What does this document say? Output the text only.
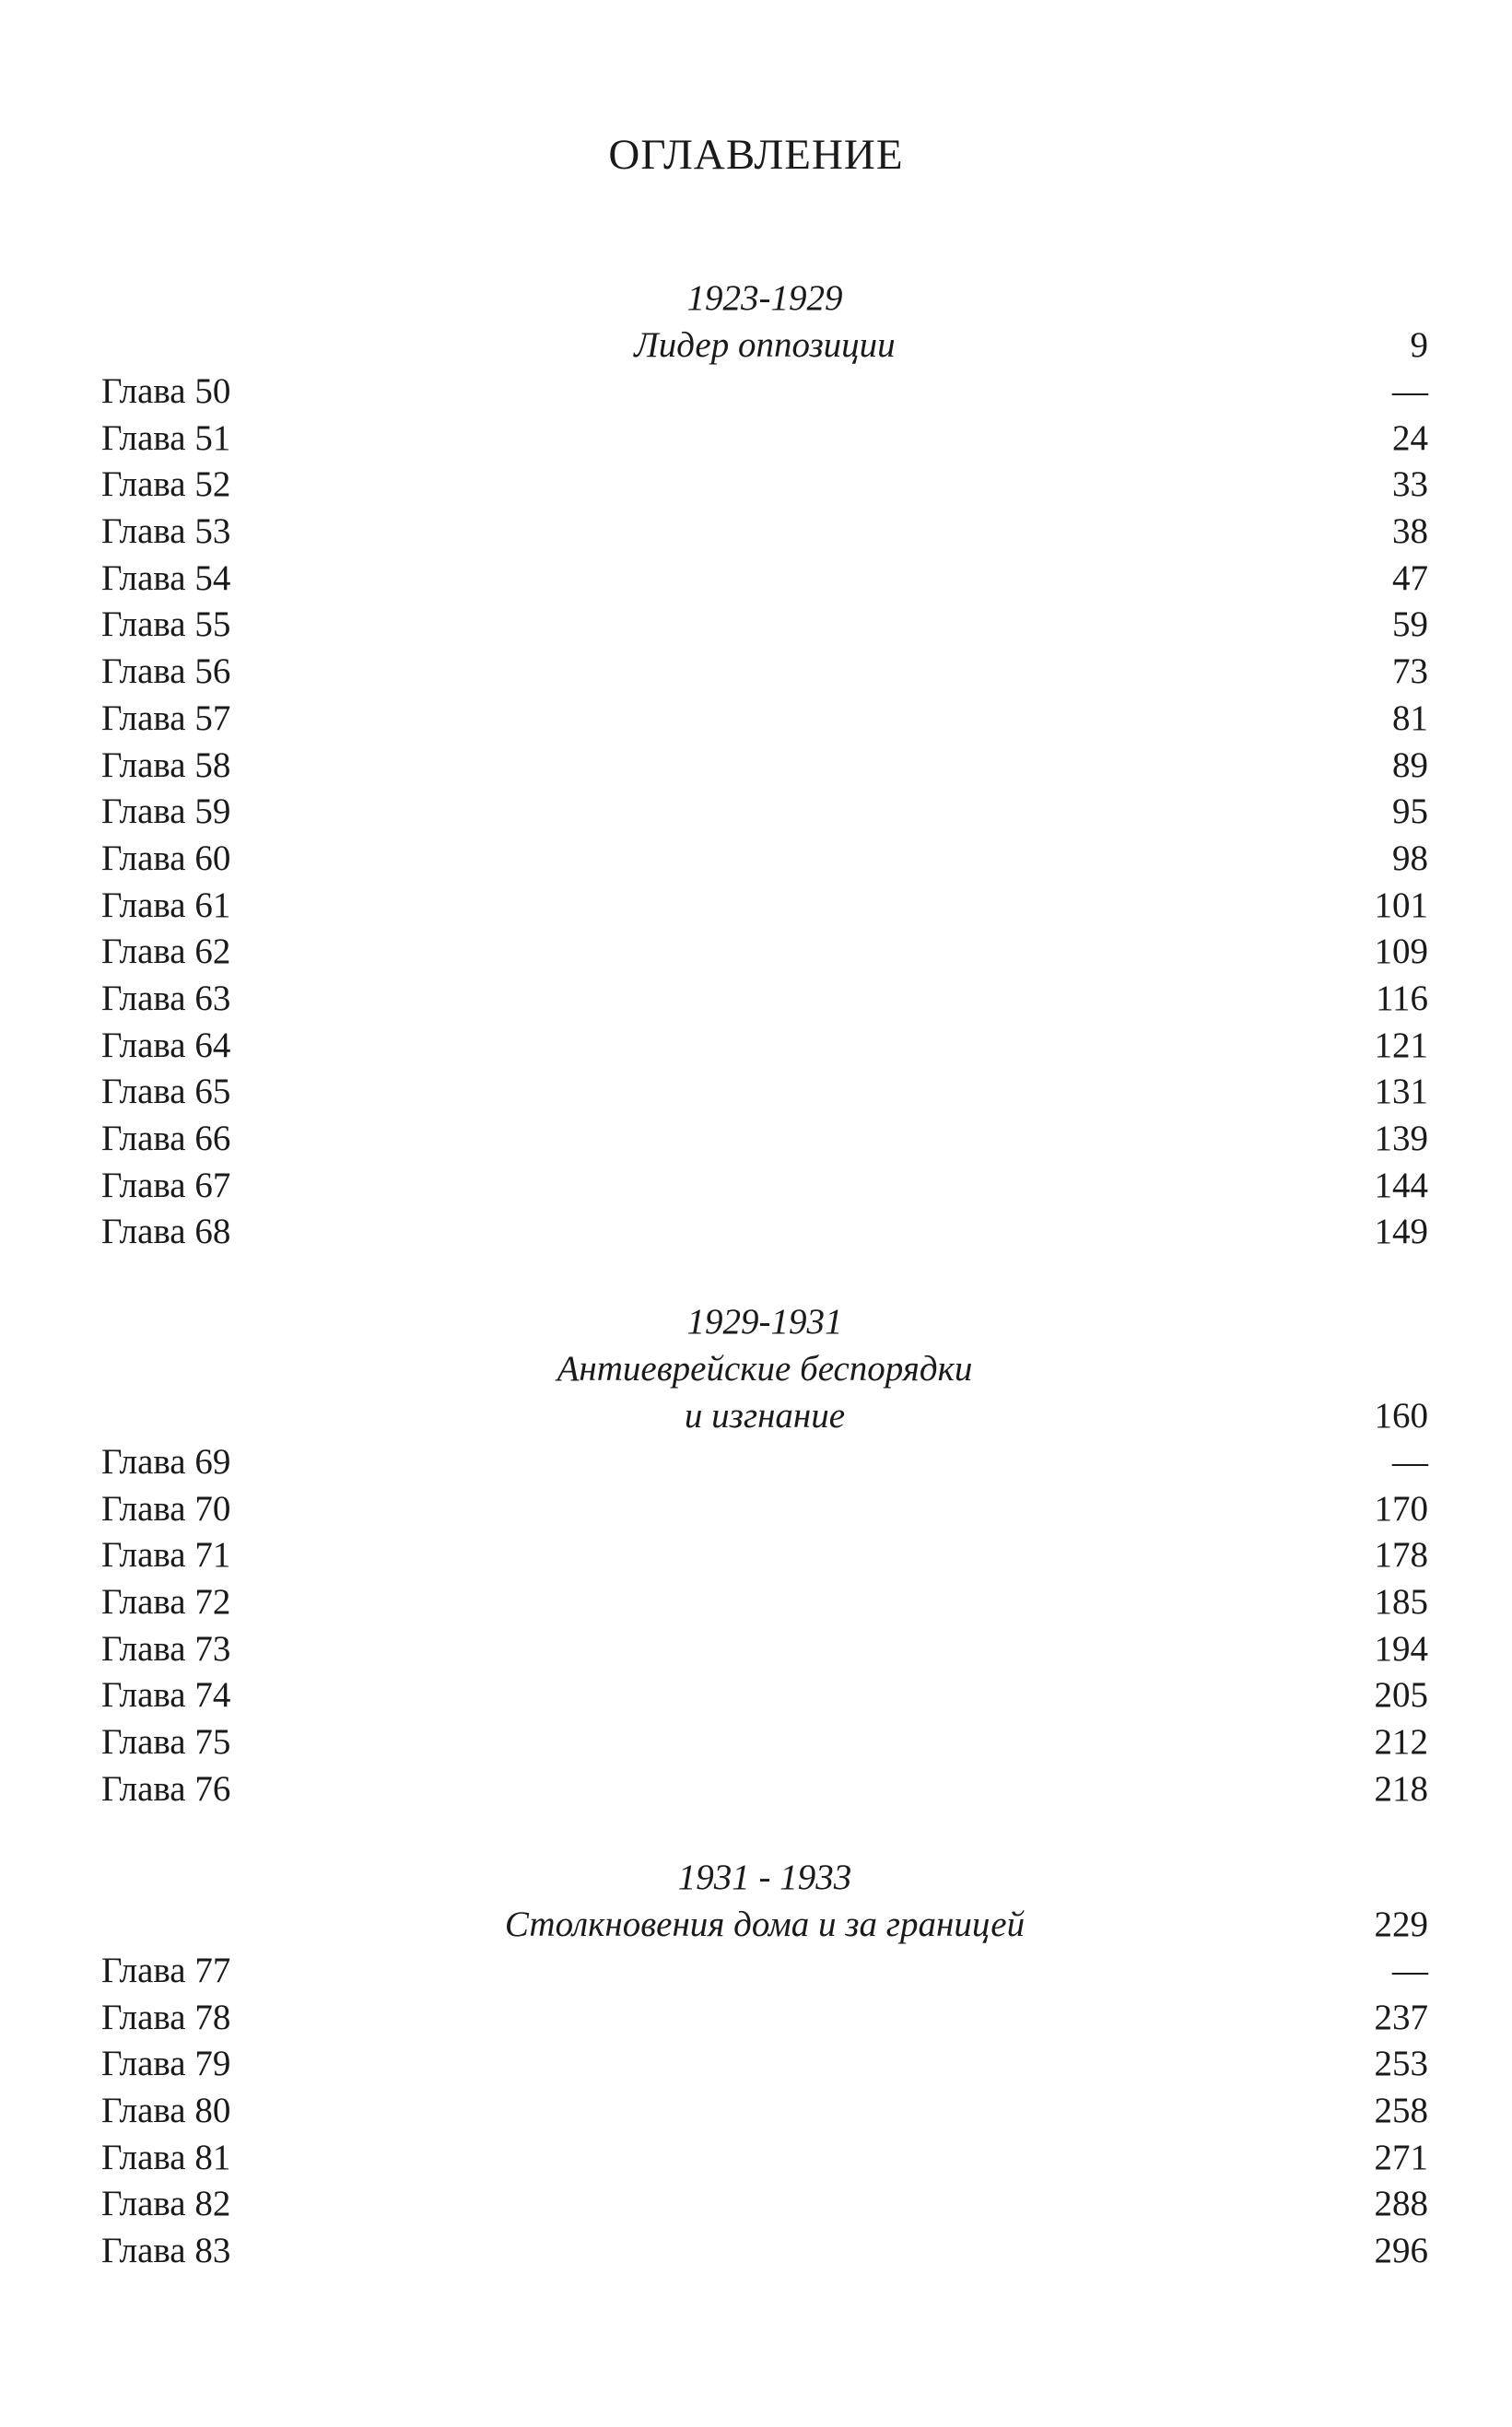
ОГЛАВЛЕНИЕ
1923-1929
Лидер оппозиции	9
Глава 50	—
Глава 51	24
Глава 52	33
Глава 53	38
Глава 54	47
Глава 55	59
Глава 56	73
Глава 57	81
Глава 58	89
Глава 59	95
Глава 60	98
Глава 61	101
Глава 62	109
Глава 63	116
Глава 64	121
Глава 65	131
Глава 66	139
Глава 67	144
Глава 68	149
1929-1931
Антиеврейские беспорядки
и изгнание	160
Глава 69	—
Глава 70	170
Глава 71	178
Глава 72	185
Глава 73	194
Глава 74	205
Глава 75	212
Глава 76	218
1931 - 1933
Столкновения дома и за границей	229
Глава 77	—
Глава 78	237
Глава 79	253
Глава 80	258
Глава 81	271
Глава 82	288
Глава 83	296
